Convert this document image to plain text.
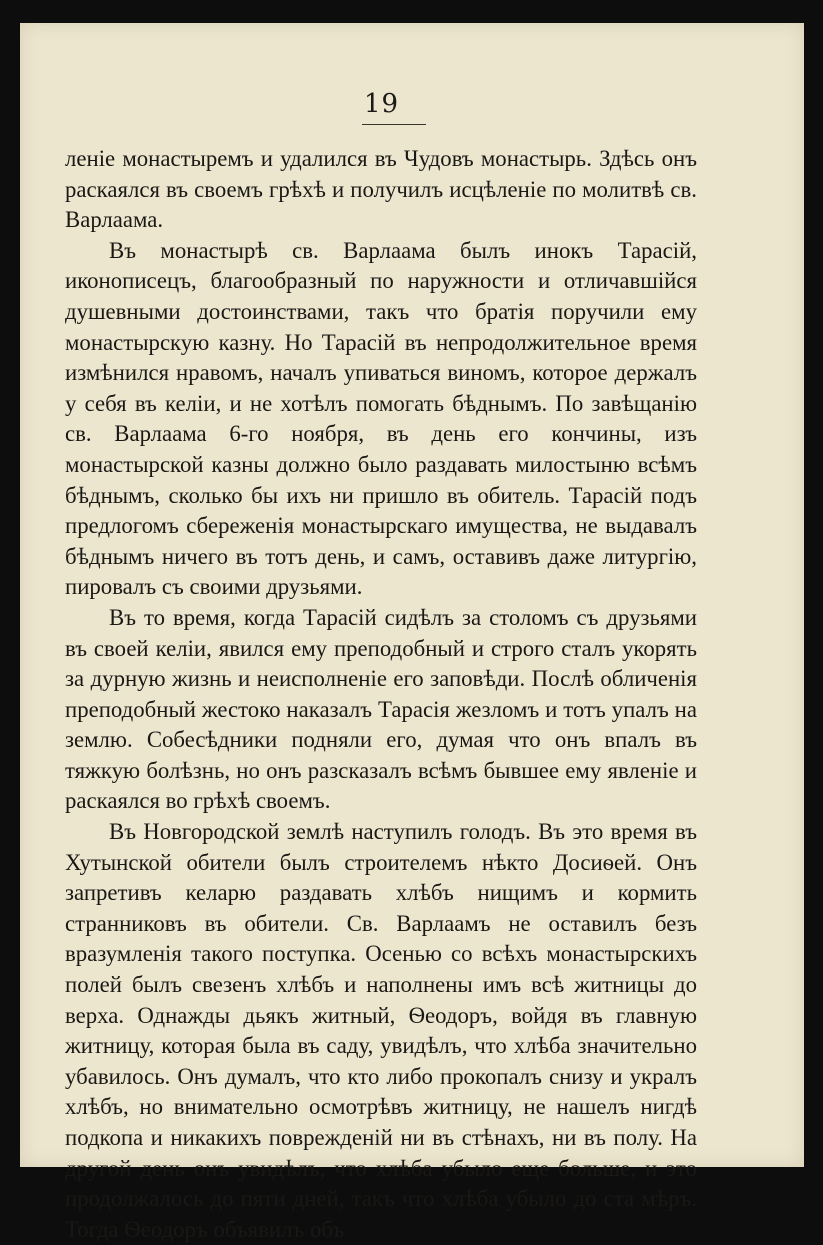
19

ленiе монастыремъ и удалился въ Чудовъ монастырь. Здѣсь онъ раскаялся въ своемъ грѣхѣ и получилъ исцѣленiе по молитвѣ св. Варлаама.

Въ монастырѣ св. Варлаама былъ инокъ Тарасiй, иконописецъ, благообразный по наружности и отличавшiйся душевными достоинствами, такъ что братiя поручили ему монастырскую казну. Но Тарасiй въ непродолжительное время измѣнился нравомъ, началъ упиваться виномъ, которое держалъ у себя въ келiи, и не хотѣлъ помогать бѣднымъ. По завѣщанiю св. Варлаама 6-го ноября, въ день его кончины, изъ монастырской казны должно было раздавать милостыню всѣмъ бѣднымъ, сколько бы ихъ ни пришло въ обитель. Тарасiй подъ предлогомъ сбереженiя монастырскаго имущества, не выдавалъ бѣднымъ ничего въ тотъ день, и самъ, оставивъ даже литургiю, пировалъ съ своими друзьями.

Въ то время, когда Тарасiй сидѣлъ за столомъ съ друзьями въ своей келiи, явился ему преподобный и строго сталъ укорять за дурную жизнь и неисполненiе его заповѣди. Послѣ обличенiя преподобный жестоко наказалъ Тарасiя жезломъ и тотъ упалъ на землю. Собесѣдники подняли его, думая что онъ впалъ въ тяжкую болѣзнь, но онъ разсказалъ всѣмъ бывшее ему явленiе и раскаялся во грѣхѣ своемъ.

Въ Новгородской землѣ наступилъ голодъ. Въ это время въ Хутынской обители былъ строителемъ нѣкто Досиѳей. Онъ запретивъ келарю раздавать хлѣбъ нищимъ и кормить странниковъ въ обители. Св. Варлаамъ не оставилъ безъ вразумленiя такого поступка. Осенью со всѣхъ монастырскихъ полей былъ свезенъ хлѣбъ и наполнены имъ всѣ житницы до верха. Однажды дьякъ житный, Ѳеодоръ, войдя въ главную житницу, которая была въ саду, увидѣлъ, что хлѣба значительно убавилось. Онъ думалъ, что кто либо прокопалъ снизу и укралъ хлѣбъ, но внимательно осмотрѣвъ житницу, не нашелъ нигдѣ подкопа и никакихъ поврежденiй ни въ стѣнахъ, ни въ полу. На другой день онъ увидѣлъ, что хлѣба убыло еще больше, и это продолжалось до пяти дней, такъ что хлѣба убыло до ста мѣръ. Тогда Ѳеодоръ объявилъ объ
